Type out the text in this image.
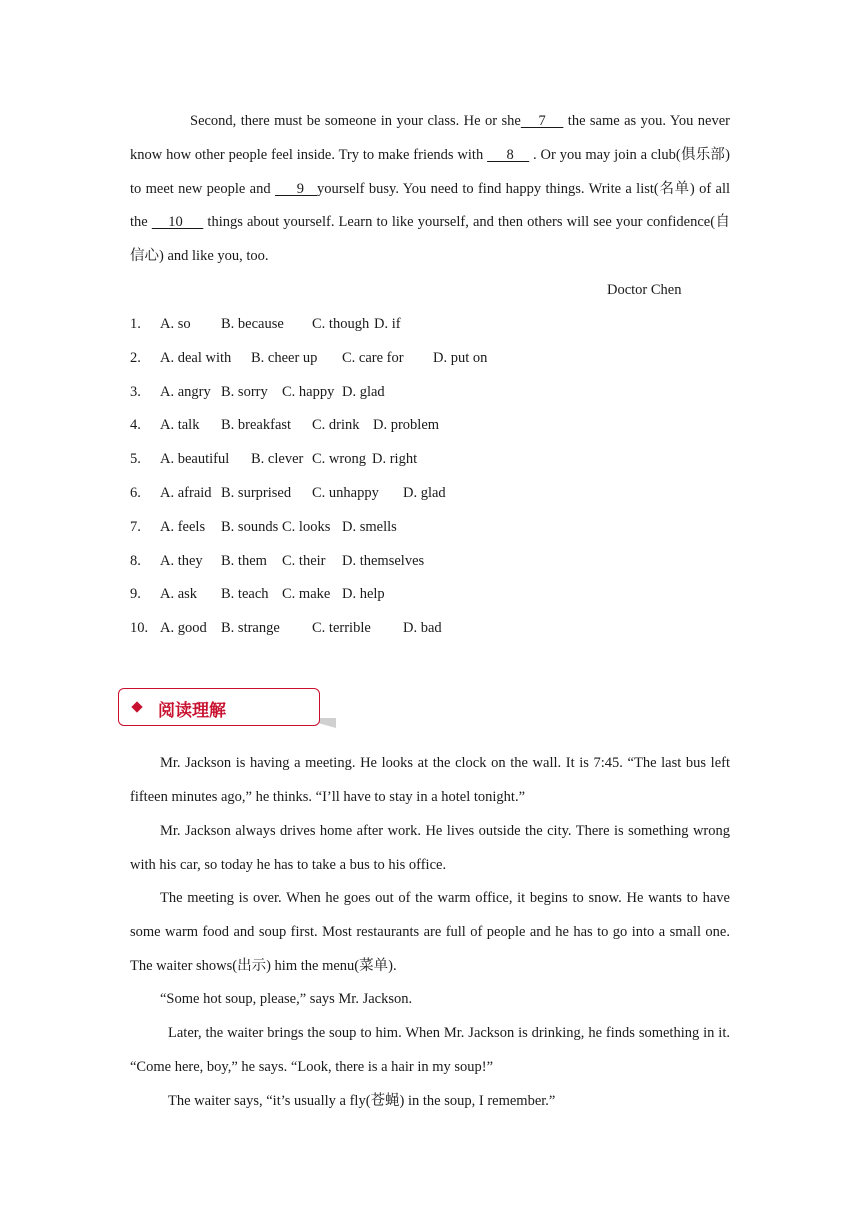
Second, there must be someone in your class. He or she    7     the same as you. You never know how other people feel inside. Try to make friends with      8     . Or you may join a club(俱乐部) to meet new people and      9   yourself busy. You need to find happy things. Write a list(名单) of all the     10      things about yourself. Learn to like yourself, and then others will see your confidence(自信心) and like you, too.

Doctor Chen
1. A. so B. because C. though D. if
2. A. deal with B. cheer up C. care for D. put on
3. A. angry B. sorry C. happy D. glad
4. A. talk B. breakfast C. drink D. problem
5. A. beautiful B. clever C. wrong D. right
6. A. afraid B. surprised C. unhappy D. glad
7. A. feels B. sounds C. looks D. smells
8. A. they B. them C. their D. themselves
9. A. ask B. teach C. make D. help
10. A. good B. strange C. terrible D. bad
阅读理解

Mr. Jackson is having a meeting. He looks at the clock on the wall. It is 7:45. “The last bus left fifteen minutes ago,” he thinks. “I’ll have to stay in a hotel tonight.”

Mr. Jackson always drives home after work. He lives outside the city. There is something wrong with his car, so today he has to take a bus to his office.

The meeting is over. When he goes out of the warm office, it begins to snow. He wants to have some warm food and soup first. Most restaurants are full of people and he has to go into a small one. The waiter shows(出示) him the menu(菜单).

“Some hot soup, please,” says Mr. Jackson.

Later, the waiter brings the soup to him. When Mr. Jackson is drinking, he finds something in it. “Come here, boy,” he says. “Look, there is a hair in my soup!”

The waiter says, “it’s usually a fly(苍蝇) in the soup, I remember.”
